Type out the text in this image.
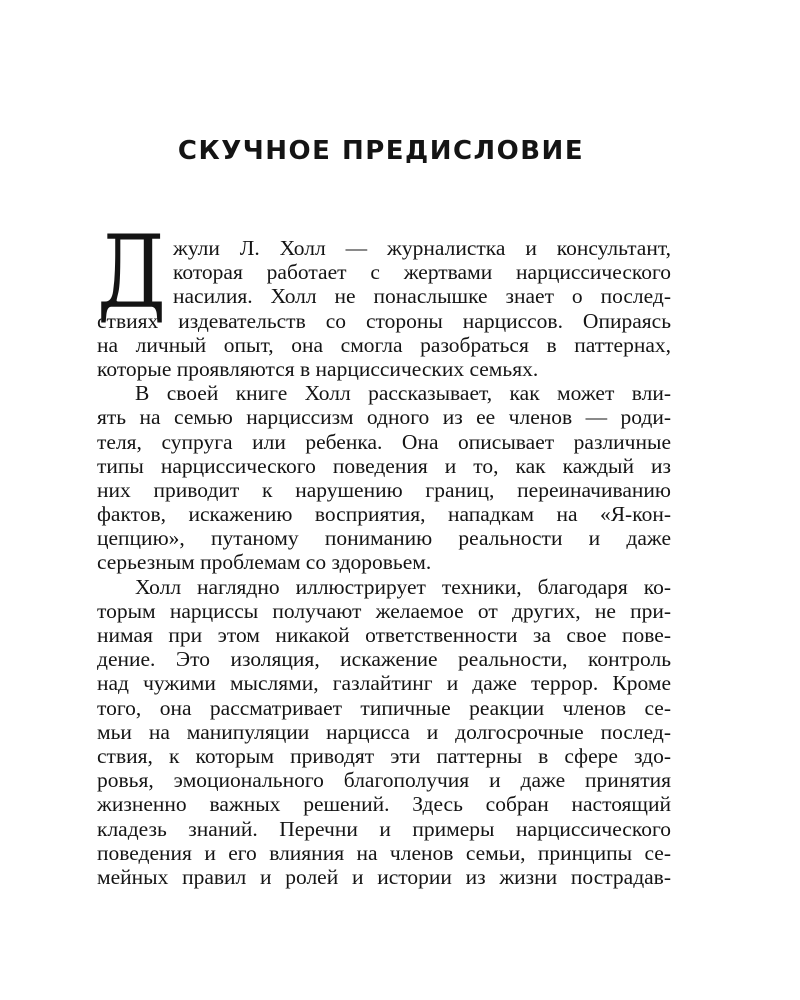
СКУЧНОЕ ПРЕДИСЛОВИЕ
Д жули Л. Холл — журналистка и консультант,
которая работает с жертвами нарциссического
насилия. Холл не понаслышке знает о послед-
ствиях издевательств со стороны нарциссов. Опираясь
на личный опыт, она смогла разобраться в паттернах,
которые проявляются в нарциссических семьях.
В своей книге Холл рассказывает, как может вли-
ять на семью нарциссизм одного из ее членов — роди-
теля, супруга или ребенка. Она описывает различные
типы нарциссического поведения и то, как каждый из
них приводит к нарушению границ, переиначиванию
фактов, искажению восприятия, нападкам на «Я-кон-
цепцию», путаному пониманию реальности и даже
серьезным проблемам со здоровьем.
Холл наглядно иллюстрирует техники, благодаря ко-
торым нарциссы получают желаемое от других, не при-
нимая при этом никакой ответственности за свое пове-
дение. Это изоляция, искажение реальности, контроль
над чужими мыслями, газлайтинг и даже террор. Кроме
того, она рассматривает типичные реакции членов се-
мьи на манипуляции нарцисса и долгосрочные послед-
ствия, к которым приводят эти паттерны в сфере здо-
ровья, эмоционального благополучия и даже принятия
жизненно важных решений. Здесь собран настоящий
кладезь знаний. Перечни и примеры нарциссического
поведения и его влияния на членов семьи, принципы се-
мейных правил и ролей и истории из жизни пострадав-
